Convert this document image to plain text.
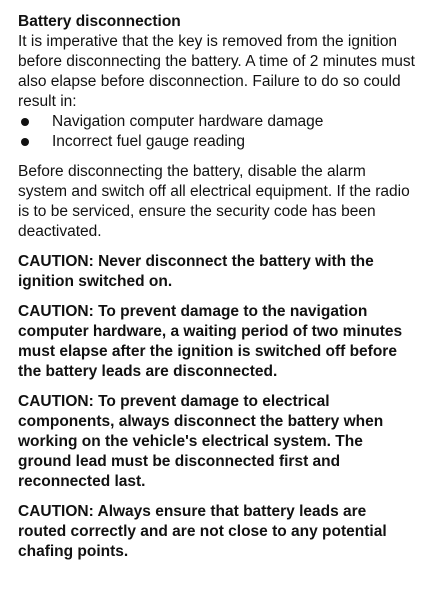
Battery disconnection

It is imperative that the key is removed from the ignition before disconnecting the battery. A time of 2 minutes must also elapse before disconnection. Failure to do so could result in:

Navigation computer hardware damage
Incorrect fuel gauge reading

Before disconnecting the battery, disable the alarm system and switch off all electrical equipment. If the radio is to be serviced, ensure the security code has been deactivated.

CAUTION: Never disconnect the battery with the ignition switched on.

CAUTION: To prevent damage to the navigation computer hardware, a waiting period of two minutes must elapse after the ignition is switched off before the battery leads are disconnected.

CAUTION: To prevent damage to electrical components, always disconnect the battery when working on the vehicle's electrical system. The ground lead must be disconnected first and reconnected last.

CAUTION: Always ensure that battery leads are routed correctly and are not close to any potential chafing points.
